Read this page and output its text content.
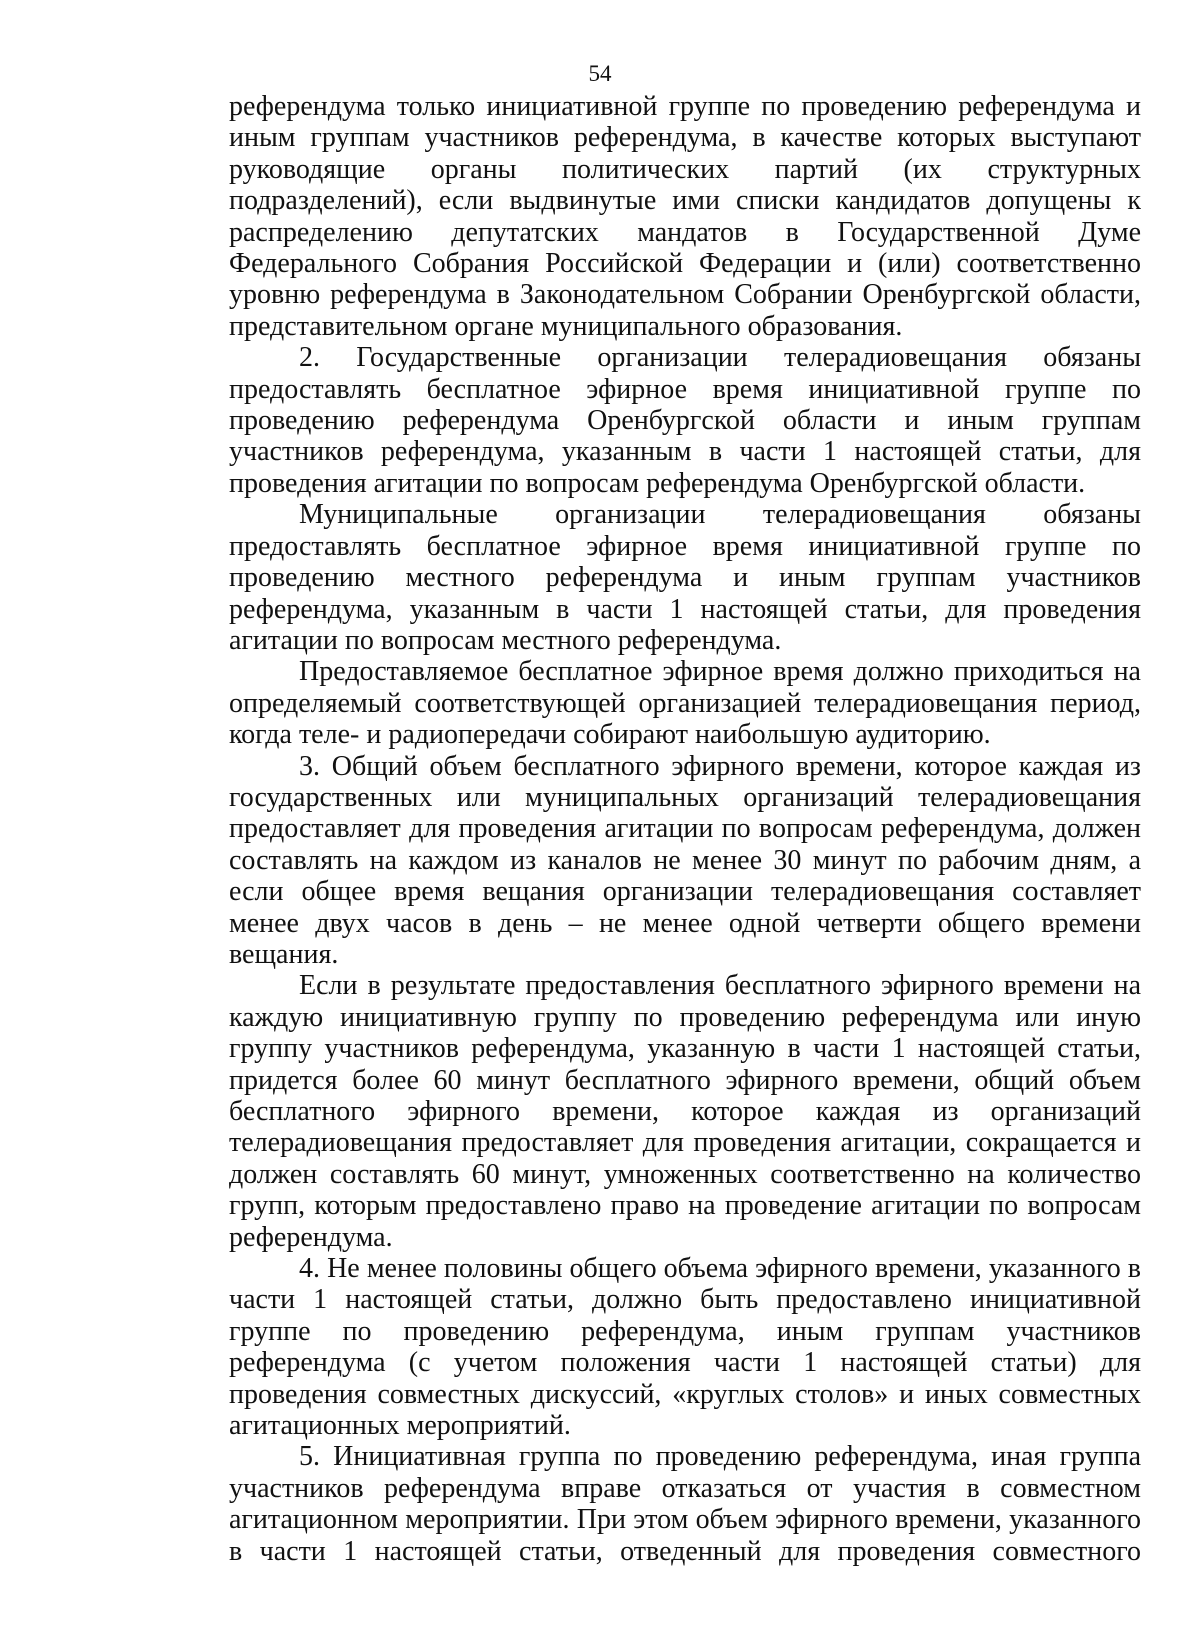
54

референдума только инициативной группе по проведению референдума и иным группам участников референдума, в качестве которых выступают руководящие органы политических партий (их структурных подразделений), если выдвинутые ими списки кандидатов допущены к распределению депутатских мандатов в Государственной Думе Федерального Собрания Российской Федерации и (или) соответственно уровню референдума в Законодательном Собрании Оренбургской области, представительном органе муниципального образования.

2. Государственные организации телерадиовещания обязаны предоставлять бесплатное эфирное время инициативной группе по проведению референдума Оренбургской области и иным группам участников референдума, указанным в части 1 настоящей статьи, для проведения агитации по вопросам референдума Оренбургской области.

Муниципальные организации телерадиовещания обязаны предоставлять бесплатное эфирное время инициативной группе по проведению местного референдума и иным группам участников референдума, указанным в части 1 настоящей статьи, для проведения агитации по вопросам местного референдума.

Предоставляемое бесплатное эфирное время должно приходиться на определяемый соответствующей организацией телерадиовещания период, когда теле- и радиопередачи собирают наибольшую аудиторию.

3. Общий объем бесплатного эфирного времени, которое каждая из государственных или муниципальных организаций телерадиовещания предоставляет для проведения агитации по вопросам референдума, должен составлять на каждом из каналов не менее 30 минут по рабочим дням, а если общее время вещания организации телерадиовещания составляет менее двух часов в день – не менее одной четверти общего времени вещания.

Если в результате предоставления бесплатного эфирного времени на каждую инициативную группу по проведению референдума или иную группу участников референдума, указанную в части 1 настоящей статьи, придется более 60 минут бесплатного эфирного времени, общий объем бесплатного эфирного времени, которое каждая из организаций телерадиовещания предоставляет для проведения агитации, сокращается и должен составлять 60 минут, умноженных соответственно на количество групп, которым предоставлено право на проведение агитации по вопросам референдума.

4. Не менее половины общего объема эфирного времени, указанного в части 1 настоящей статьи, должно быть предоставлено инициативной группе по проведению референдума, иным группам участников референдума (с учетом положения части 1 настоящей статьи) для проведения совместных дискуссий, «круглых столов» и иных совместных агитационных мероприятий.

5. Инициативная группа по проведению референдума, иная группа участников референдума вправе отказаться от участия в совместном агитационном мероприятии. При этом объем эфирного времени, указанного в части 1 настоящей статьи, отведенный для проведения совместного
